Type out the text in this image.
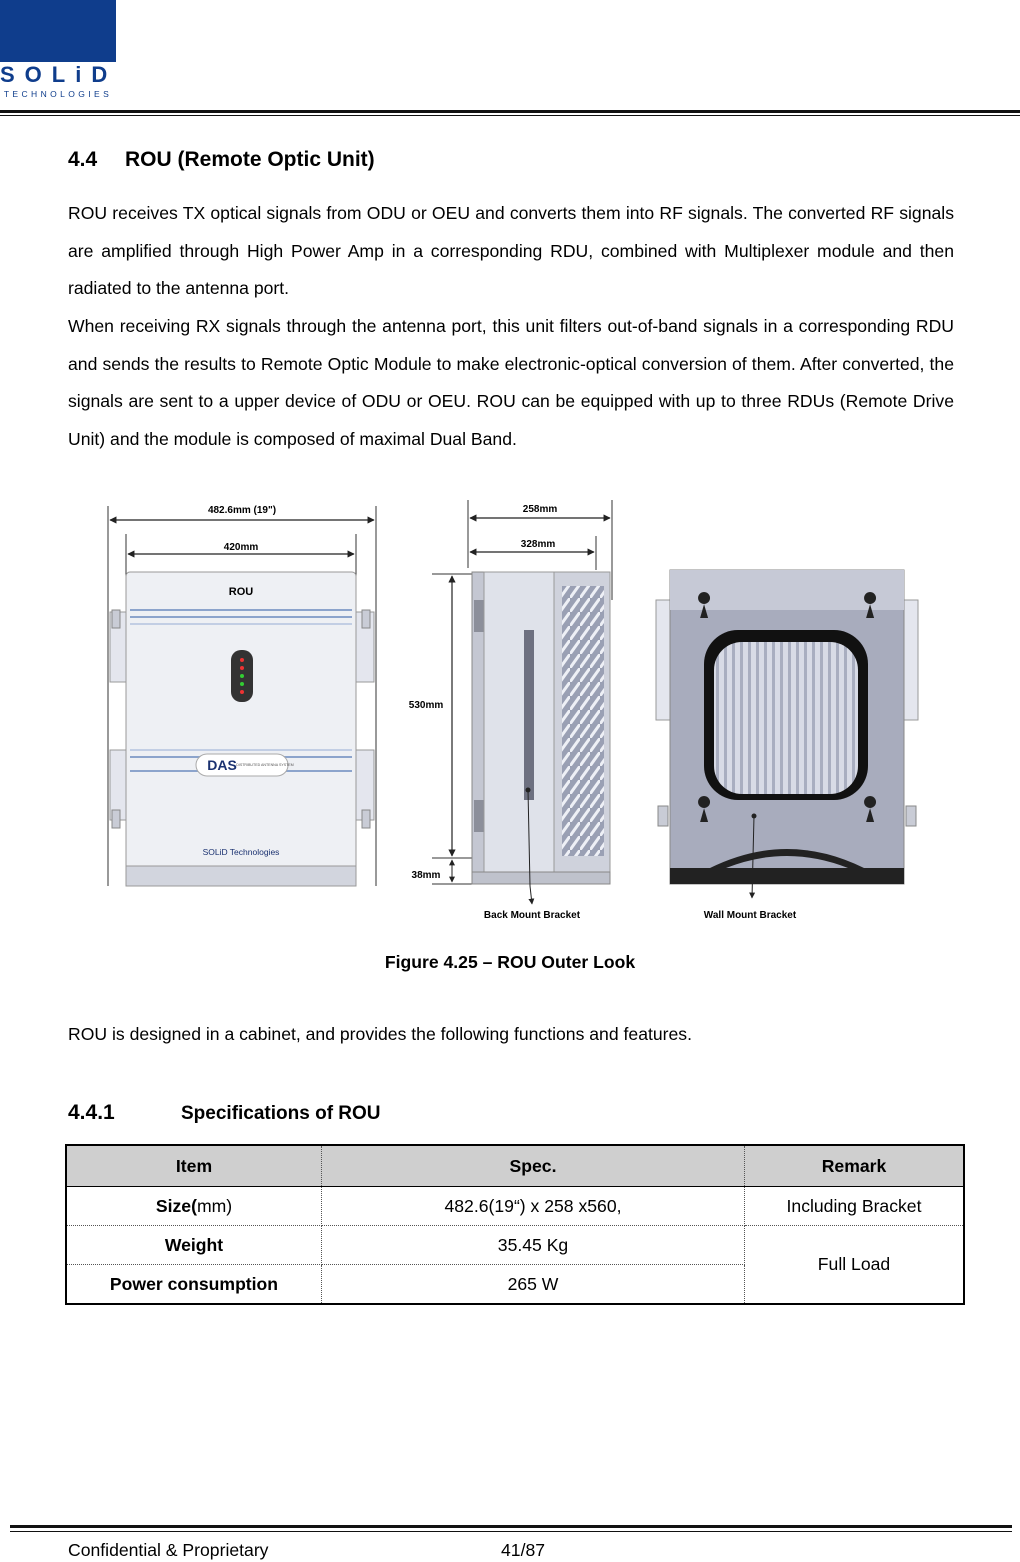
SOLiD
TECHNOLOGIES
4.4 ROU (Remote Optic Unit)
ROU receives TX optical signals from ODU or OEU and converts them into RF signals. The converted RF signals are amplified through High Power Amp in a corresponding RDU, combined with Multiplexer module and then radiated to the antenna port.
When receiving RX signals through the antenna port, this unit filters out-of-band signals in a corresponding RDU and sends the results to Remote Optic Module to make electronic-optical conversion of them. After converted, the signals are sent to a upper device of ODU or OEU. ROU can be equipped with up to three RDUs (Remote Drive Unit) and the module is composed of maximal Dual Band.
482.6mm (19")
420mm
ROU
DAS DISTRIBUTED ANTENNA SYSTEM
SOLiD Technologies
258mm
328mm
530mm
38mm
Back Mount Bracket	Wall Mount Bracket
Figure 4.25 – ROU Outer Look
ROU is designed in a cabinet, and provides the following functions and features.
4.4.1	Specifications of ROU
Item	Spec.	Remark
Size(mm)	482.6(19“) x 258 x560,	Including Bracket
Weight	35.45 Kg	Full Load
Power consumption	265 W	
Confidential & Proprietary	41/87
